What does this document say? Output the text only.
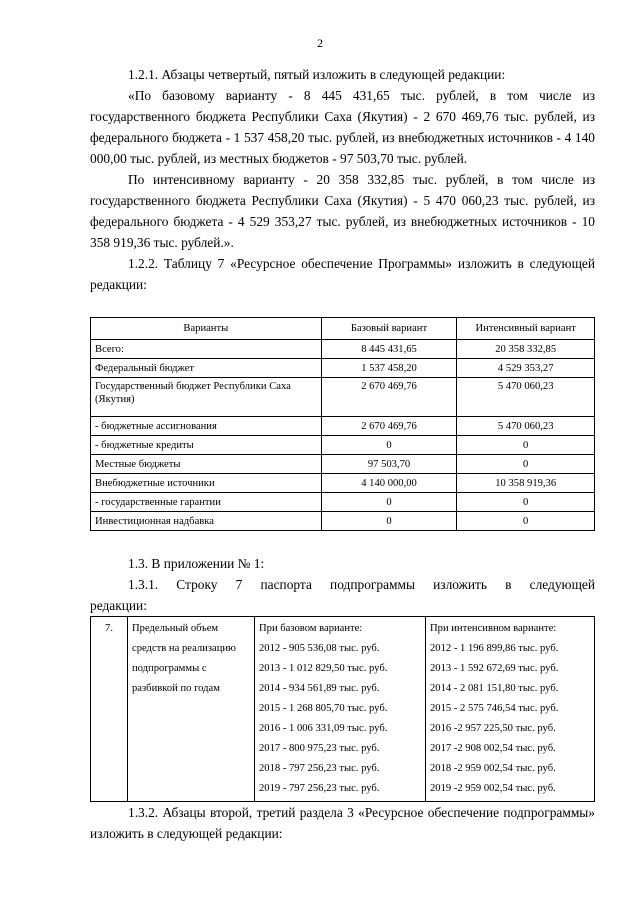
2

1.2.1. Абзацы четвертый, пятый изложить в следующей редакции:

«По базовому варианту - 8 445 431,65 тыс. рублей, в том числе из государственного бюджета Республики Саха (Якутия) - 2 670 469,76 тыс. рублей, из федерального бюджета - 1 537 458,20 тыс. рублей, из внебюджетных источников - 4 140 000,00 тыс. рублей, из местных бюджетов - 97 503,70 тыс. рублей.

По интенсивному варианту - 20 358 332,85 тыс. рублей, в том числе из государственного бюджета Республики Саха (Якутия) - 5 470 060,23 тыс. рублей, из федерального бюджета - 4 529 353,27 тыс. рублей, из внебюджетных источников - 10 358 919,36 тыс. рублей.».

1.2.2. Таблицу 7 «Ресурсное обеспечение Программы» изложить в следующей редакции:

Варианты	Базовый вариант	Интенсивный вариант
Всего:	8 445 431,65	20 358 332,85
Федеральный бюджет	1 537 458,20	4 529 353,27
Государственный бюджет Республики Саха (Якутия)	2 670 469,76	5 470 060,23
- бюджетные ассигнования	2 670 469,76	5 470 060,23
- бюджетные кредиты	0	0
Местные бюджеты	97 503,70	0
Внебюджетные источники	4 140 000,00	10 358 919,36
- государственные гарантии	0	0
Инвестиционная надбавка	0	0

1.3. В приложении № 1:

1.3.1. Строку 7 паспорта подпрограммы изложить в следующей

редакции:

7.	Предельный объем средств на реализацию подпрограммы с разбивкой по годам	
При базовом варианте:
2012 - 905 536,08 тыс. руб.
2013 - 1 012 829,50 тыс. руб.
2014 - 934 561,89 тыс. руб.
2015 - 1 268 805,70 тыс. руб.
2016 - 1 006 331,09 тыс. руб.
2017 - 800 975,23 тыс. руб.
2018 - 797 256,23 тыс. руб.
2019 - 797 256,23 тыс. руб.

При интенсивном варианте:
2012 - 1 196 899,86 тыс. руб.
2013 - 1 592 672,69 тыс. руб.
2014 - 2 081 151,80 тыс. руб.
2015 - 2 575 746,54 тыс. руб.
2016 -2 957 225,50 тыс. руб.
2017 -2 908 002,54 тыс. руб.
2018 -2 959 002,54 тыс. руб.
2019 -2 959 002,54 тыс. руб.

1.3.2. Абзацы второй, третий раздела 3 «Ресурсное обеспечение подпрограммы» изложить в следующей редакции:
